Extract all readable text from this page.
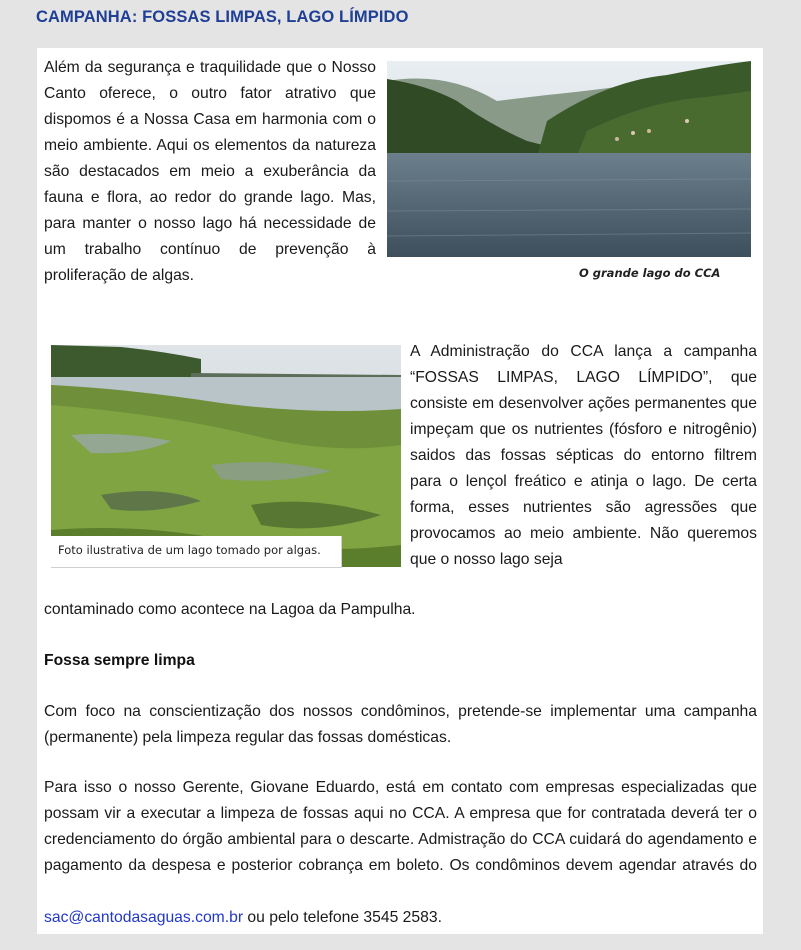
CAMPANHA: FOSSAS LIMPAS, LAGO LÍMPIDO

Além da segurança e traquilidade que o Nosso Canto oferece, o outro fator atrativo que dispomos é a Nossa Casa em harmonia com o meio ambiente. Aqui os elementos da natureza são destacados em meio a exuberância da fauna e flora, ao redor do grande lago. Mas, para manter o nosso lago há necessidade de um trabalho contínuo de prevenção à proliferação de algas.	O grande lago do CCA
Foto ilustrativa de um lago tomado por algas.

A Administração do CCA lança a campanha “FOSSAS LIMPAS, LAGO LÍMPIDO”, que consiste em desenvolver ações permanentes que impeçam que os nutrientes (fósforo e nitrogênio) saidos das fossas sépticas do entorno filtrem para o lençol freático e atinja o lago. De certa forma, esses nutrientes são agressões que provocamos ao meio ambiente. Não queremos que o nosso lago seja

contaminado como acontece na Lagoa da Pampulha.

Fossa sempre limpa

Com foco na conscientização dos nossos condôminos, pretende-se implementar uma campanha (permanente) pela limpeza regular das fossas domésticas.

Para isso o nosso Gerente, Giovane Eduardo, está em contato com empresas especializadas que possam vir a executar a limpeza de fossas aqui no CCA. A empresa que for contratada deverá ter o credenciamento do órgão ambiental para o descarte. Admistração do CCA cuidará do agendamento e pagamento da despesa e posterior cobrança em boleto. Os condôminos devem agendar através do

sac@cantodasaguas.com.br ou pelo telefone 3545 2583.
